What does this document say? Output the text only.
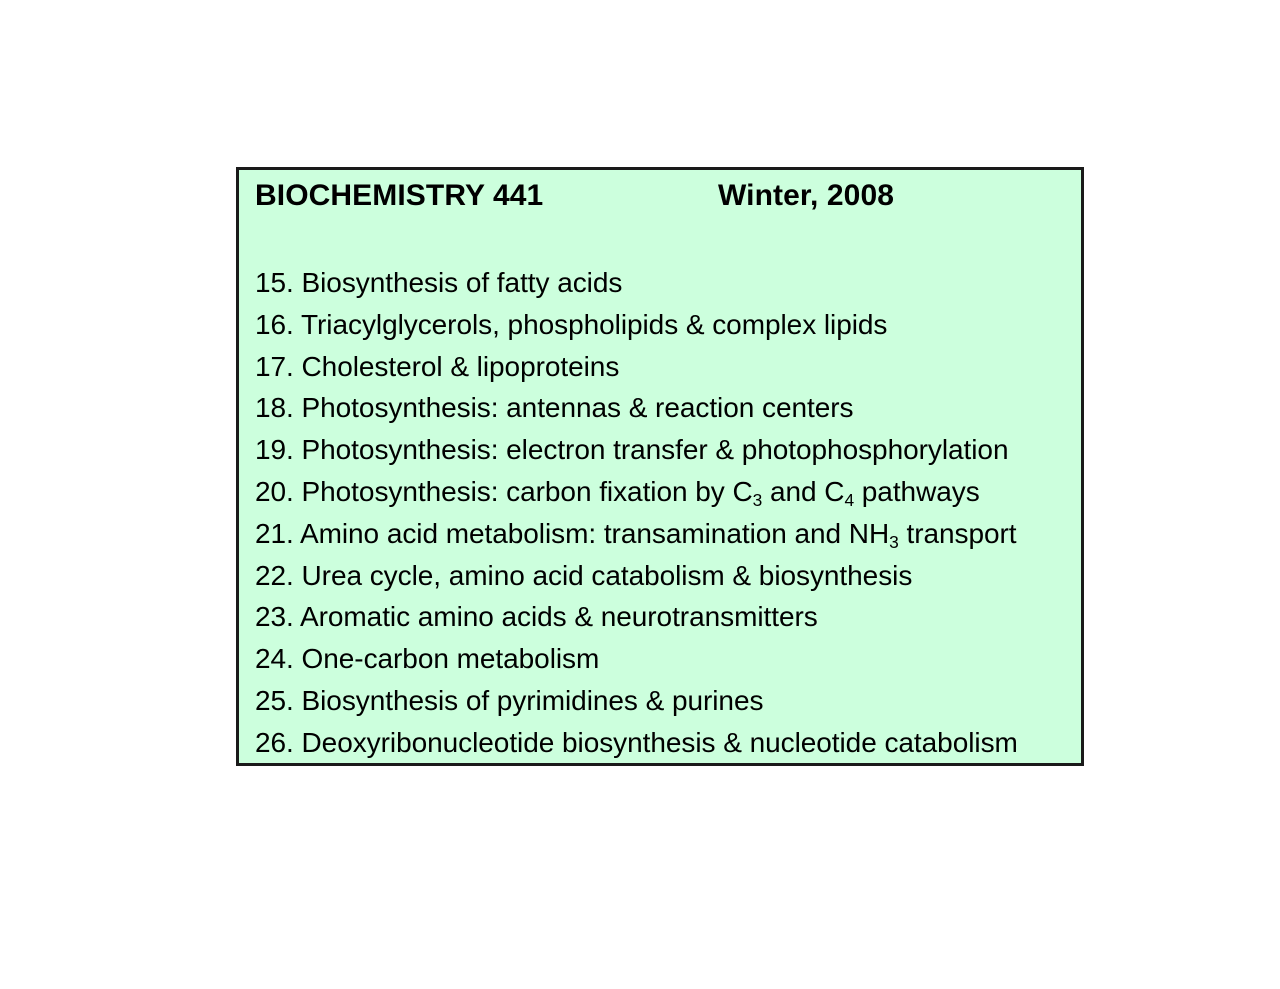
BIOCHEMISTRY 441	Winter, 2008
15. Biosynthesis of fatty acids
16. Triacylglycerols, phospholipids & complex lipids
17. Cholesterol & lipoproteins
18. Photosynthesis: antennas & reaction centers
19. Photosynthesis: electron transfer & photophosphorylation
20. Photosynthesis: carbon fixation by $C_3$ and $C_4$ pathways
21. Amino acid metabolism: transamination and $NH_3$ transport
22. Urea cycle, amino acid catabolism & biosynthesis
23. Aromatic amino acids & neurotransmitters
24. One-carbon metabolism
25. Biosynthesis of pyrimidines & purines
26. Deoxyribonucleotide biosynthesis & nucleotide catabolism
